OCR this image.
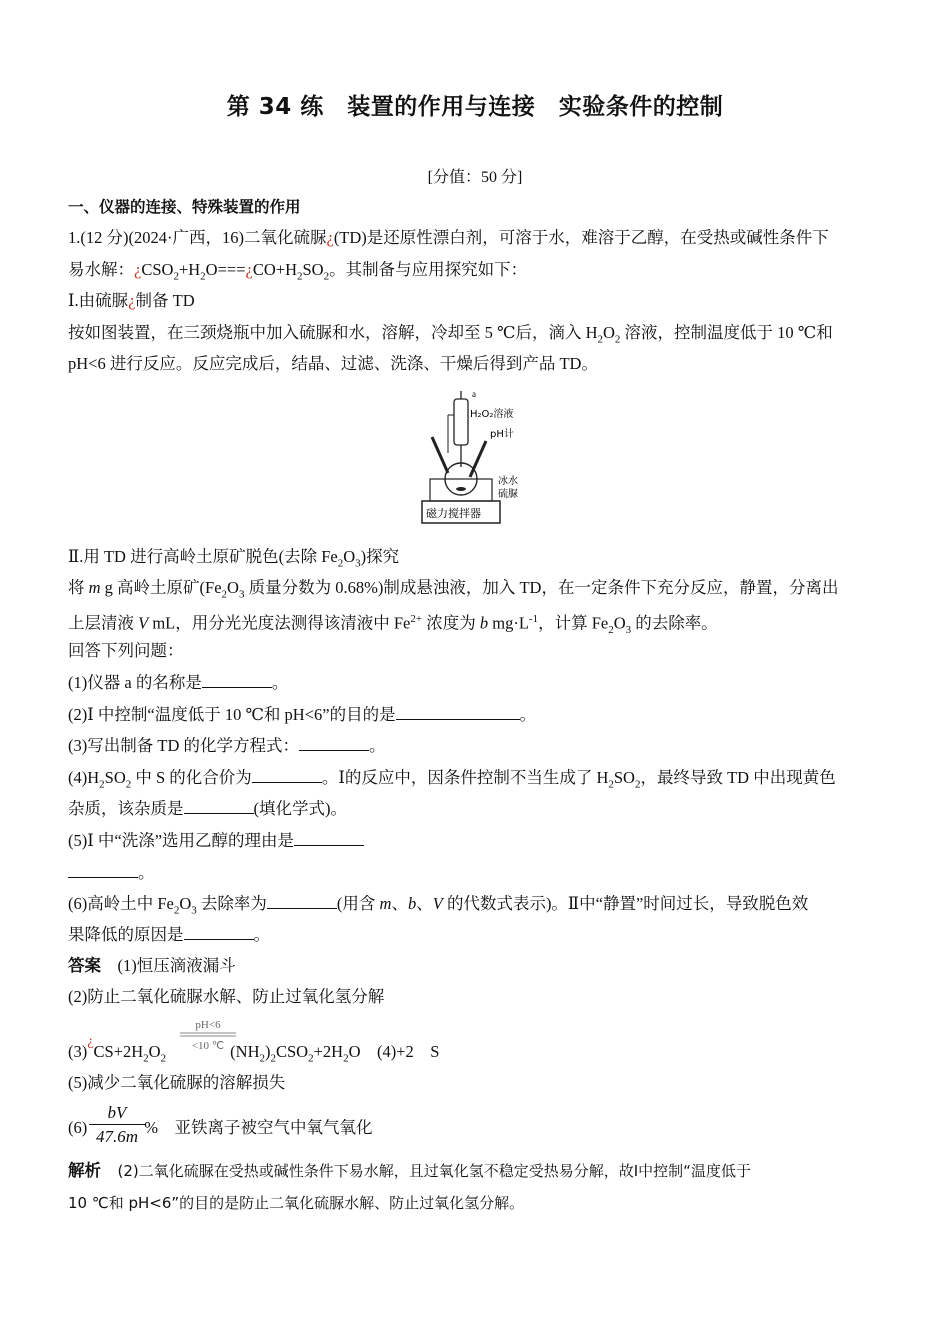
第 34 练　装置的作用与连接　实验条件的控制
[分值：50 分]
一、仪器的连接、特殊装置的作用
1.(12 分)(2024·广西，16)二氧化硫脲¿(TD)是还原性漂白剂，可溶于水，难溶于乙醇，在受热或碱性条件下
易水解：¿$CSO_2+H_2O===¿CO+H_2SO_2$。其制备与应用探究如下：
Ⅰ.由硫脲¿制备 TD
按如图装置，在三颈烧瓶中加入硫脲和水，溶解，冷却至 5 ℃后，滴入 $H_2O_2$ 溶液，控制温度低于 10 ℃和
pH<6 进行反应。反应完成后，结晶、过滤、洗涤、干燥后得到产品 TD。
a
H₂O₂溶液
pH计
冰水
硫脲
磁力搅拌器
Ⅱ.用 TD 进行高岭土原矿脱色(去除 $Fe_2O_3$)探究
将 m g 高岭土原矿($Fe_2O_3$ 质量分数为 0.68%)制成悬浊液，加入 TD，在一定条件下充分反应，静置，分离出
上层清液 V mL，用分光光度法测得该清液中 $Fe^{2+}$ 浓度为 b $mg\cdot L^{-1}$，计算 $Fe_2O_3$ 的去除率。
回答下列问题：
(1)仪器 a 的名称是	。
(2)Ⅰ 中控制“温度低于 10 ℃和 pH<6”的目的是	。
(3)写出制备 TD 的化学方程式：	。
$(4)H_2SO_2$ 中 S 的化合价为	。Ⅰ的反应中，因条件控制不当生成了 $H_2SO_2$，最终导致 TD 中出现黄色
杂质，该杂质是	(填化学式)。
(5)Ⅰ 中“洗涤”选用乙醇的理由是
。
(6)高岭土中 $Fe_2O_3$ 去除率为	(用含 m、b、V 的代数式表示)。Ⅱ中“静置”时间过长，导致脱色效
果降低的原因是	。
答案　 (1)恒压滴液漏斗
(2)防止二氧化硫脲水解、防止过氧化氢分解
$(3)^¿CS+2H_2O_2$	$(NH_2)_2CSO_2+2H_2O$　(4)+2　S
pH<6
<10 ℃
(5)减少二氧化硫脲的溶解损失
(6)	%　亚铁离子被空气中氧气氧化
$\frac{bV}{47.6m}$
解析　 (2)二氧化硫脲在受热或碱性条件下易水解，且过氧化氢不稳定受热易分解，故Ⅰ中控制“温度低于
10 ℃和 pH<6”的目的是防止二氧化硫脲水解、防止过氧化氢分解。
